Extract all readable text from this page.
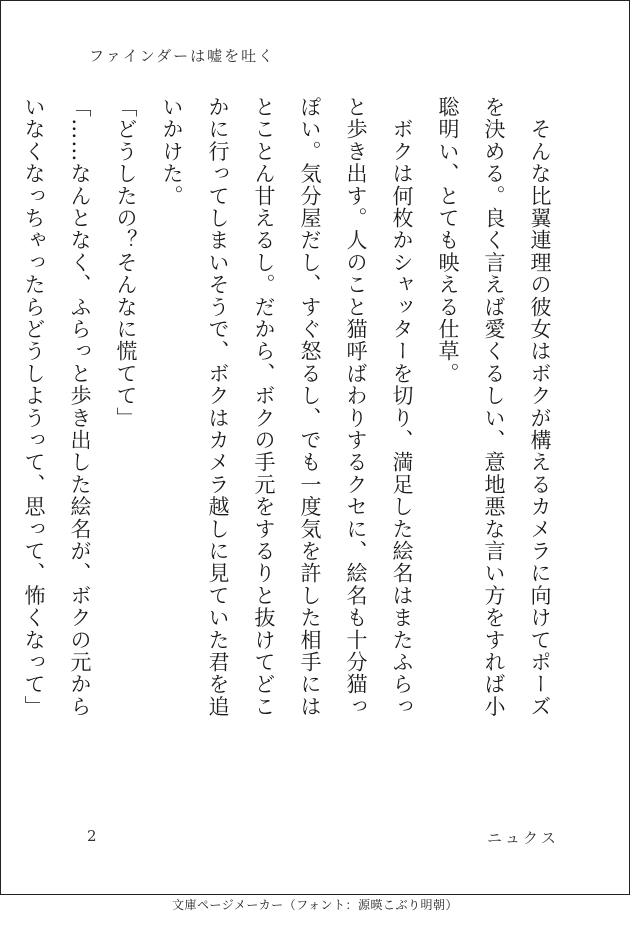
ファインダーは嘘を吐く

　そんな比翼連理の彼女はボクが構えるカメラに向けてポーズを決める。良く言えば愛くるしい、意地悪な言い方をすれば小聡明い、とても映える仕草。

　ボクは何枚かシャッターを切り、満足した絵名はまたふらっと歩き出す。人のこと猫呼ばわりするクセに、絵名も十分猫っぽい。気分屋だし、すぐ怒るし、でも一度気を許した相手にはとことん甘えるし。だから、ボクの手元をするりと抜けてどこかに行ってしまいそうで、ボクはカメラ越しに見ていた君を追いかけた。

「どうしたの？そんなに慌てて」

「……なんとなく、ふらっと歩き出した絵名が、ボクの元からいなくなっちゃったらどうしようって、思って、怖くなって」

2	ニュクス
文庫ページメーカー（フォント：源暎こぶり明朝）
